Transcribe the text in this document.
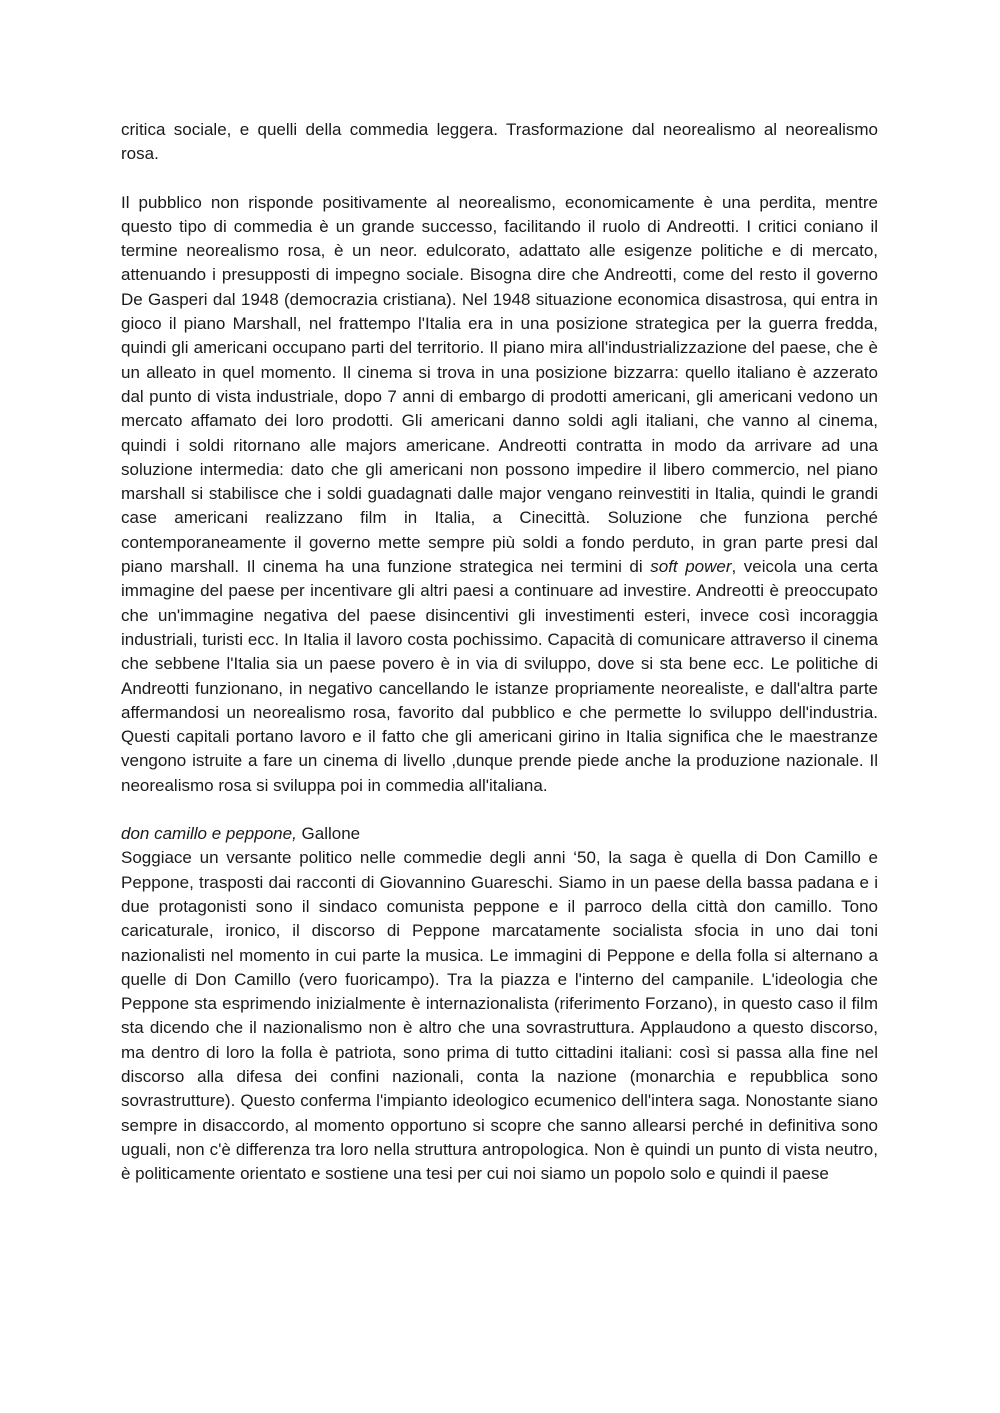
critica sociale, e quelli della commedia leggera. Trasformazione dal neorealismo al neorealismo rosa.

Il pubblico non risponde positivamente al neorealismo, economicamente è una perdita, mentre questo tipo di commedia è un grande successo, facilitando il ruolo di Andreotti. I critici coniano il termine neorealismo rosa, è un neor. edulcorato, adattato alle esigenze politiche e di mercato, attenuando i presupposti di impegno sociale. Bisogna dire che Andreotti, come del resto il governo De Gasperi dal 1948 (democrazia cristiana). Nel 1948 situazione economica disastrosa, qui entra in gioco il piano Marshall, nel frattempo l'Italia era in una posizione strategica per la guerra fredda, quindi gli americani occupano parti del territorio. Il piano mira all'industrializzazione del paese, che è un alleato in quel momento. Il cinema si trova in una posizione bizzarra: quello italiano è azzerato dal punto di vista industriale, dopo 7 anni di embargo di prodotti americani, gli americani vedono un mercato affamato dei loro prodotti. Gli americani danno soldi agli italiani, che vanno al cinema, quindi i soldi ritornano alle majors americane. Andreotti contratta in modo da arrivare ad una soluzione intermedia: dato che gli americani non possono impedire il libero commercio, nel piano marshall si stabilisce che i soldi guadagnati dalle major vengano reinvestiti in Italia, quindi le grandi case americani realizzano film in Italia, a Cinecittà. Soluzione che funziona perché contemporaneamente il governo mette sempre più soldi a fondo perduto, in gran parte presi dal piano marshall. Il cinema ha una funzione strategica nei termini di soft power, veicola una certa immagine del paese per incentivare gli altri paesi a continuare ad investire. Andreotti è preoccupato che un'immagine negativa del paese disincentivi gli investimenti esteri, invece così incoraggia industriali, turisti ecc. In Italia il lavoro costa pochissimo. Capacità di comunicare attraverso il cinema che sebbene l'Italia sia un paese povero è in via di sviluppo, dove si sta bene ecc. Le politiche di Andreotti funzionano, in negativo cancellando le istanze propriamente neorealiste, e dall'altra parte affermandosi un neorealismo rosa, favorito dal pubblico e che permette lo sviluppo dell'industria. Questi capitali portano lavoro e il fatto che gli americani girino in Italia significa che le maestranze vengono istruite a fare un cinema di livello ,dunque prende piede anche la produzione nazionale. Il neorealismo rosa si sviluppa poi in commedia all'italiana.

don camillo e peppone, Gallone

Soggiace un versante politico nelle commedie degli anni ‘50, la saga è quella di Don Camillo e Peppone, trasposti dai racconti di Giovannino Guareschi. Siamo in un paese della bassa padana e i due protagonisti sono il sindaco comunista peppone e il parroco della città don camillo. Tono caricaturale, ironico, il discorso di Peppone marcatamente socialista sfocia in uno dai toni nazionalisti nel momento in cui parte la musica. Le immagini di Peppone e della folla si alternano a quelle di Don Camillo (vero fuoricampo). Tra la piazza e l'interno del campanile. L'ideologia che Peppone sta esprimendo inizialmente è internazionalista (riferimento Forzano), in questo caso il film sta dicendo che il nazionalismo non è altro che una sovrastruttura. Applaudono a questo discorso, ma dentro di loro la folla è patriota, sono prima di tutto cittadini italiani: così si passa alla fine nel discorso alla difesa dei confini nazionali, conta la nazione (monarchia e repubblica sono sovrastrutture). Questo conferma l'impianto ideologico ecumenico dell'intera saga. Nonostante siano sempre in disaccordo, al momento opportuno si scopre che sanno allearsi perché in definitiva sono uguali, non c'è differenza tra loro nella struttura antropologica. Non è quindi un punto di vista neutro, è politicamente orientato e sostiene una tesi per cui noi siamo un popolo solo e quindi il paese
